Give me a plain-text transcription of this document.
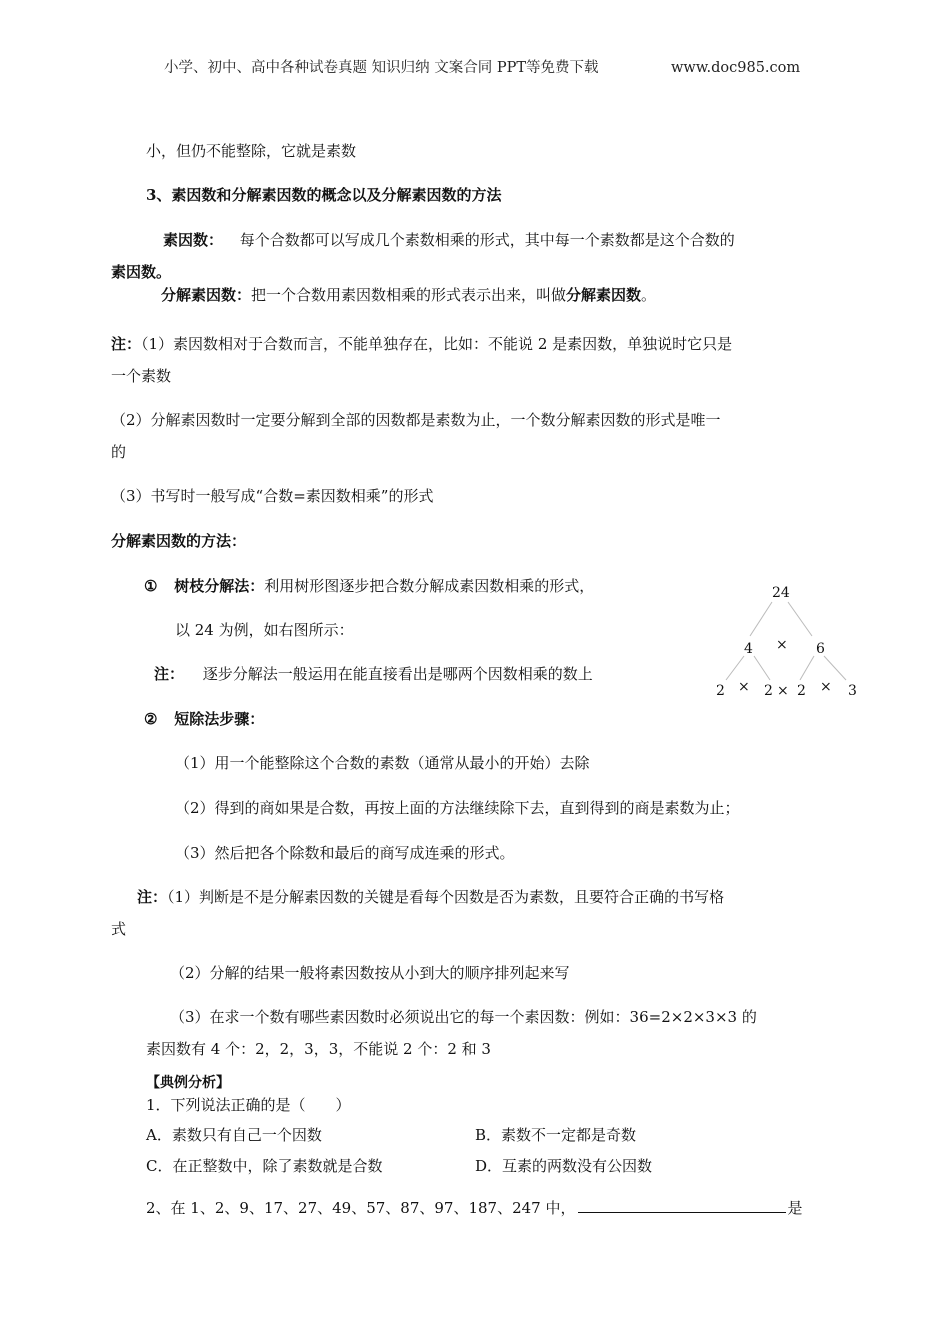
小学、初中、高中各种试卷真题 知识归纳 文案合同 PPT等免费下载	www.doc985.com
小，但仍不能整除，它就是素数
3、素因数和分解素因数的概念以及分解素因数的方法
素因数： 每个合数都可以写成几个素数相乘的形式，其中每一个素数都是这个合数的
素因数。
分解素因数：把一个合数用素因数相乘的形式表示出来，叫做分解素因数。
注：（1）素因数相对于合数而言，不能单独存在，比如：不能说 2 是素因数，单独说时它只是
一个素数
（2）分解素因数时一定要分解到全部的因数都是素数为止，一个数分解素因数的形式是唯一
的
（3）书写时一般写成“合数=素因数相乘”的形式
分解素因数的方法：
① 树枝分解法：利用树形图逐步把合数分解成素因数相乘的形式，
以 24 为例，如右图所示：
注： 逐步分解法一般运用在能直接看出是哪两个因数相乘的数上
24
4 × 6
2 × 2 × 2 × 3
② 短除法步骤：
（1）用一个能整除这个合数的素数（通常从最小的开始）去除
（2）得到的商如果是合数，再按上面的方法继续除下去，直到得到的商是素数为止；
（3）然后把各个除数和最后的商写成连乘的形式。
注：（1）判断是不是分解素因数的关键是看每个因数是否为素数，且要符合正确的书写格
式
（2）分解的结果一般将素因数按从小到大的顺序排列起来写
（3）在求一个数有哪些素因数时必须说出它的每一个素因数：例如：36=2×2×3×3 的
素因数有 4 个：2，2，3，3，不能说 2 个：2 和 3
【典例分析】
1．下列说法正确的是（　　）
A．素数只有自己一个因数	B．素数不一定都是奇数
C．在正整数中，除了素数就是合数	D．互素的两数没有公因数
2、在 1、2、9、17、27、49、57、87、97、187、247 中，	是
